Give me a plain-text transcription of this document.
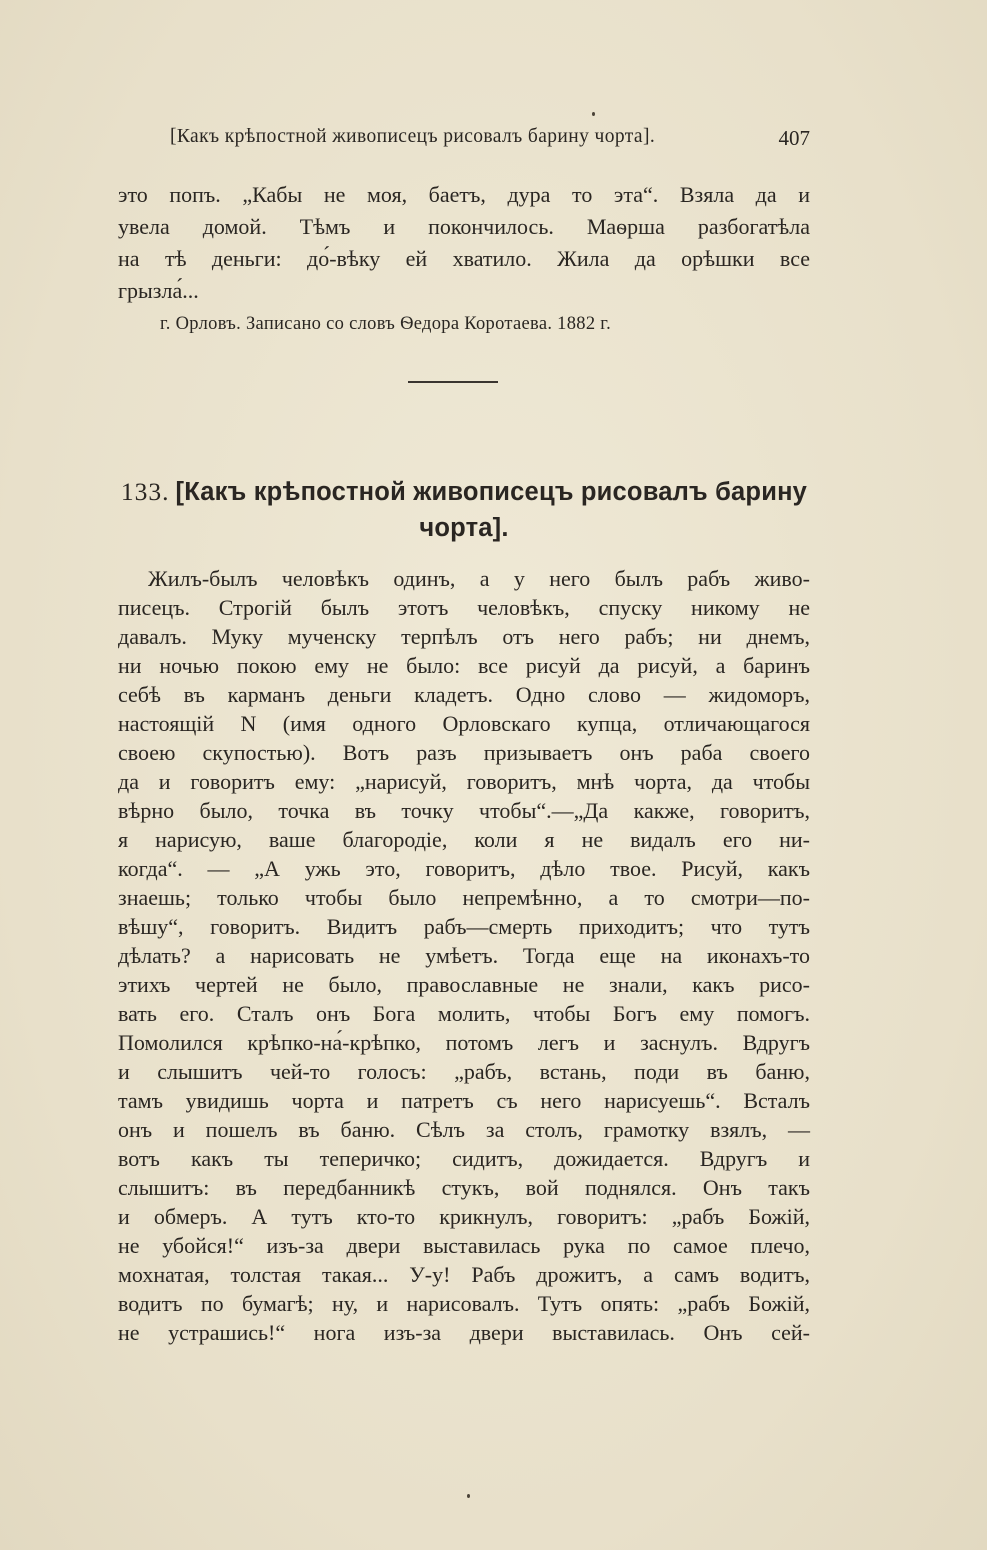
[Какъ крѣпостной живописецъ рисовалъ барину чорта].	407
это попъ. „Кабы не моя, баетъ, дура то эта“. Взяла да и
увела домой. Тѣмъ и покончилось. Маѳрша разбогатѣла
на тѣ деньги: до́-вѣку ей хватило. Жила да орѣшки все
грызла́...
г. Орловъ. Записано со словъ Ѳедора Коротаева. 1882 г.
133. [Какъ крѣпостной живописецъ рисовалъ барину чорта].
Жилъ-былъ человѣкъ одинъ, а у него былъ рабъ живо-
писецъ. Строгій былъ этотъ человѣкъ, спуску никому не
давалъ. Муку мученску терпѣлъ отъ него рабъ; ни днемъ,
ни ночью покою ему не было: все рисуй да рисуй, а баринъ
себѣ въ карманъ деньги кладетъ. Одно слово — жидоморъ,
настоящій N (имя одного Орловскаго купца, отличающагося
своею скупостью). Вотъ разъ призываетъ онъ раба своего
да и говоритъ ему: „нарисуй, говоритъ, мнѣ чорта, да чтобы
вѣрно было, точка въ точку чтобы“.—„Да какже, говоритъ,
я нарисую, ваше благородіе, коли я не видалъ его ни-
когда“. — „А ужь это, говоритъ, дѣло твое. Рисуй, какъ
знаешь; только чтобы было непремѣнно, а то смотри—по-
вѣшу“, говоритъ. Видитъ рабъ—смерть приходитъ; что тутъ
дѣлать? а нарисовать не умѣетъ. Тогда еще на иконахъ-то
этихъ чертей не было, православные не знали, какъ рисо-
вать его. Сталъ онъ Бога молить, чтобы Богъ ему помогъ.
Помолился крѣпко-на́-крѣпко, потомъ легъ и заснулъ. Вдругъ
и слышитъ чей-то голосъ: „рабъ, встань, поди въ баню,
тамъ увидишь чорта и патретъ съ него нарисуешь“. Всталъ
онъ и пошелъ въ баню. Сѣлъ за столъ, грамотку взялъ, —
вотъ какъ ты теперичко; сидитъ, дожидается. Вдругъ и
слышитъ: въ передбанникѣ стукъ, вой поднялся. Онъ такъ
и обмеръ. А тутъ кто-то крикнулъ, говоритъ: „рабъ Божій,
не убойся!“ изъ-за двери выставилась рука по самое плечо,
мохнатая, толстая такая... У-у! Рабъ дрожитъ, а самъ водитъ,
водитъ по бумагѣ; ну, и нарисовалъ. Тутъ опять: „рабъ Божій,
не устрашись!“ нога изъ-за двери выставилась. Онъ сей-
